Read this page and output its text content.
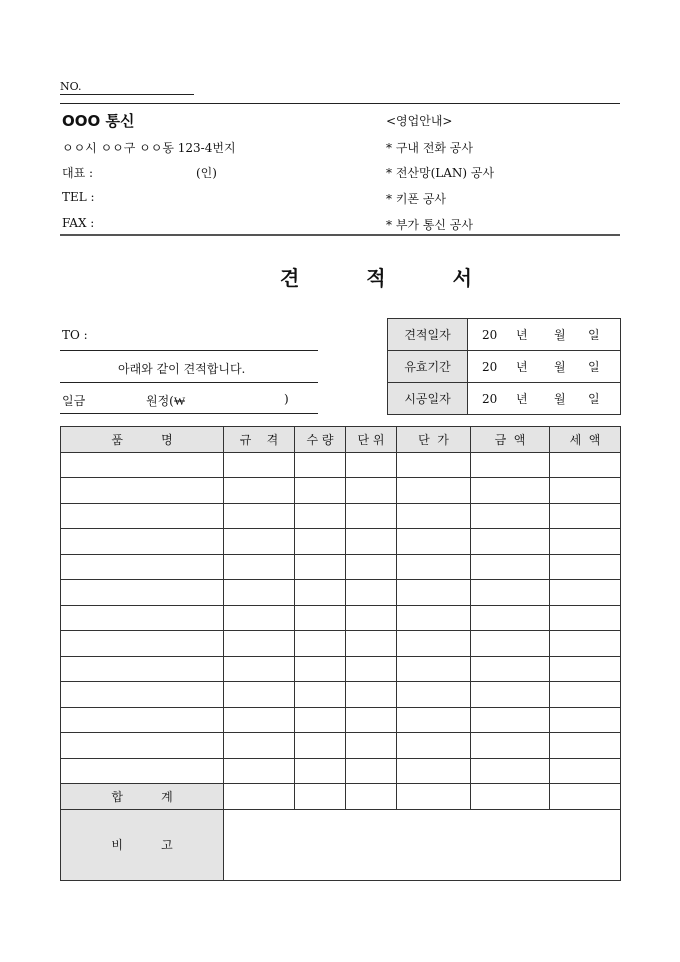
NO.
ООО 통신
ㅇㅇ시 ㅇㅇ구 ㅇㅇ동 123-4번지
대표 :	(인)
TEL :
FAX :
<영업안내>
* 구내 전화 공사
* 전산망(LAN) 공사
* 키폰 공사
* 부가 통신 공사
견 적 서
TO :
아래와 같이 견적합니다.
일금	원정(₩	)
견적일자	20 년 월 일
유효기간	20 년 월 일
시공일자	20 년 월 일
품          명	규    격	수 량	단 위	단  가	금  액	세  액

합          계						
비          고						
